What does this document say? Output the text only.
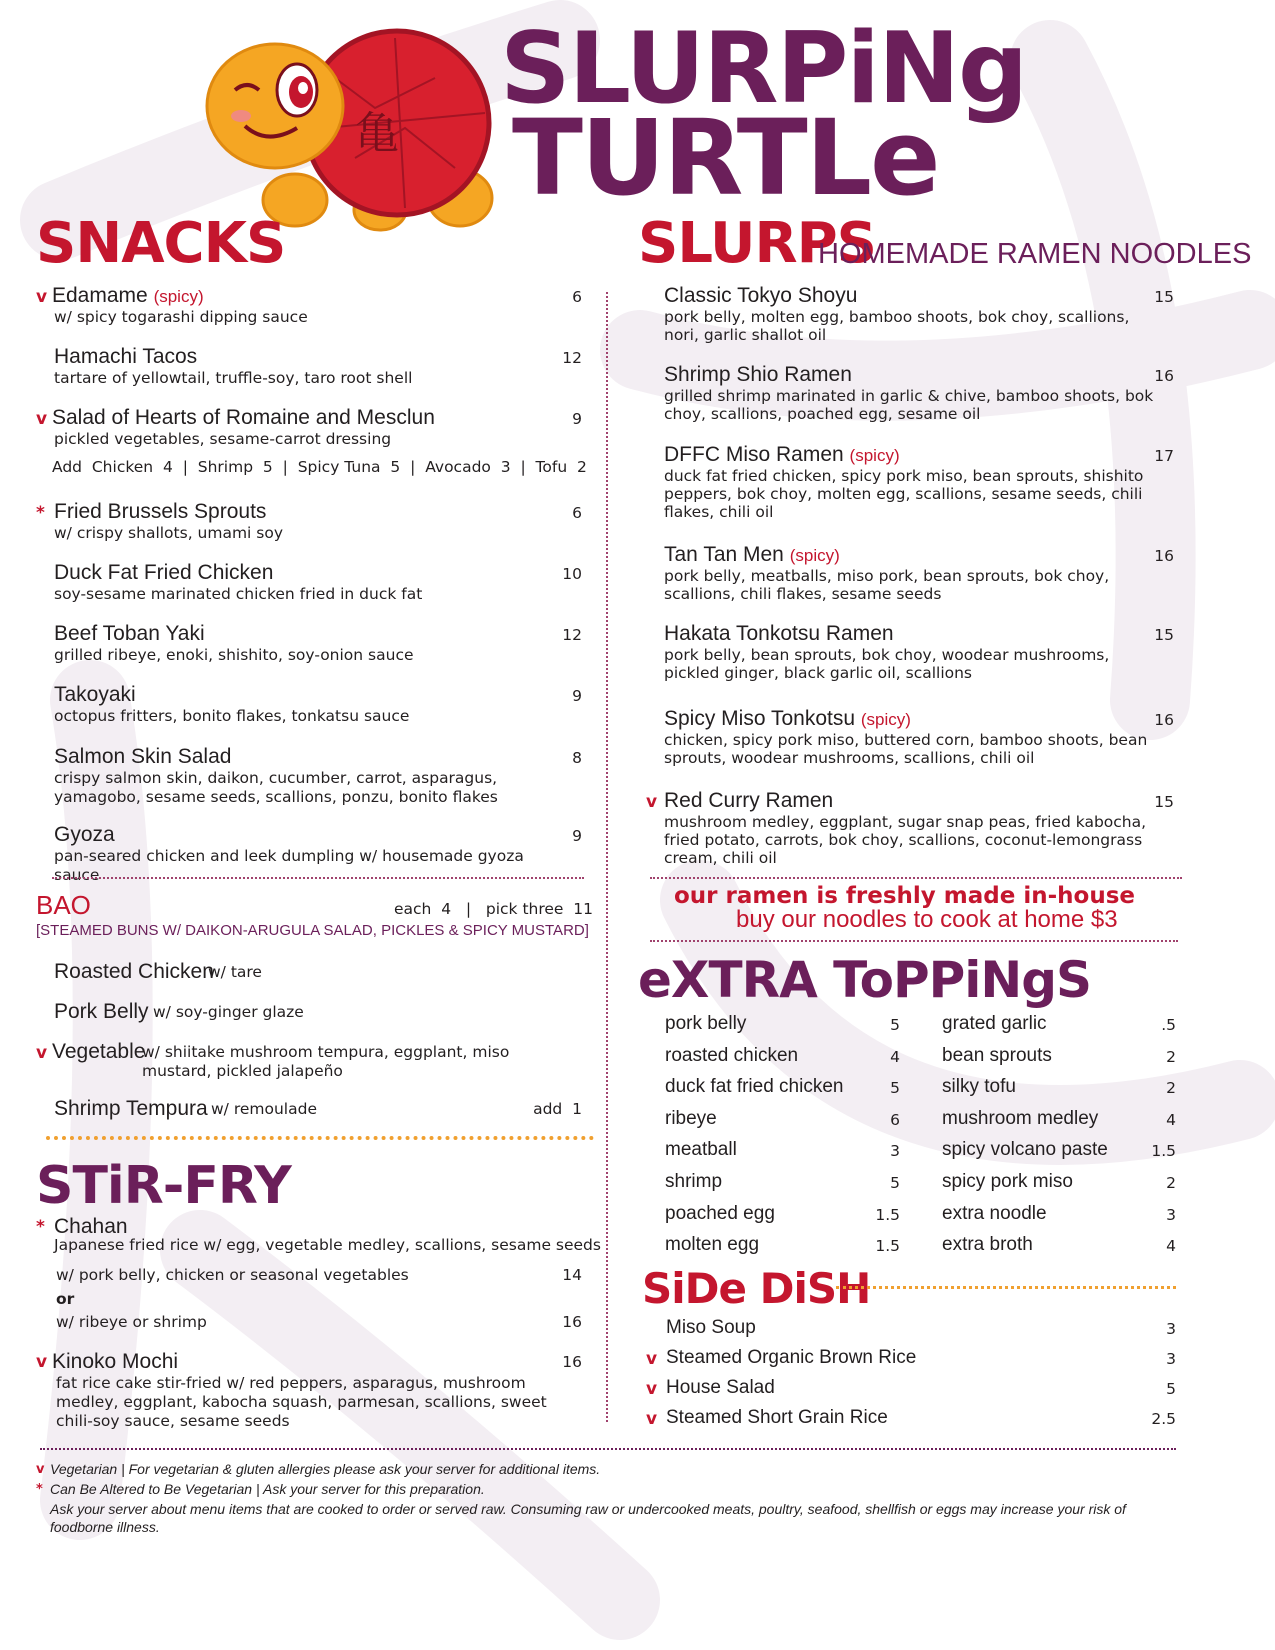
亀
SLURPiNg
TURTLe
SNACKS
v Edamame (spicy)	6
w/ spicy togarashi dipping sauce
Hamachi Tacos	12
tartare of yellowtail, truffle-soy, taro root shell
v Salad of Hearts of Romaine and Mesclun	9
pickled vegetables, sesame-carrot dressing
* Fried Brussels Sprouts	6
w/ crispy shallots, umami soy
Duck Fat Fried Chicken	10
soy-sesame marinated chicken fried in duck fat
Beef Toban Yaki	12
grilled ribeye, enoki, shishito, soy-onion sauce
Takoyaki	9
octopus fritters, bonito flakes, tonkatsu sauce
Salmon Skin Salad	8
crispy salmon skin, daikon, cucumber, carrot, asparagus, yamagobo, sesame seeds, scallions, ponzu, bonito flakes
Gyoza	9
pan-seared chicken and leek dumpling w/ housemade gyoza sauce
Add  Chicken  4  |  Shrimp  5  |  Spicy Tuna  5  |  Avocado  3  |  Tofu  2
BAO	each  4   |   pick three  11
[STEAMED BUNS W/ DAIKON-ARUGULA SALAD, PICKLES & SPICY MUSTARD]
Roasted Chicken
w/ tare
Pork Belly w/ soy-ginger glaze
v Vegetable
w/ shiitake mushroom tempura, eggplant, miso mustard, pickled jalapeño
Shrimp Tempura w/ remoulade	add  1
STiR-FRY
* Chahan
Japanese fried rice w/ egg, vegetable medley, scallions, sesame seeds
w/ pork belly, chicken or seasonal vegetables	14
or
w/ ribeye or shrimp	16
v Kinoko Mochi	16
fat rice cake stir-fried w/ red peppers, asparagus, mushroom medley, eggplant, kabocha squash, parmesan, scallions, sweet chili-soy sauce, sesame seeds
SLURPS
HOMEMADE RAMEN NOODLES
Classic Tokyo Shoyu	15
pork belly, molten egg, bamboo shoots, bok choy, scallions, nori, garlic shallot oil
Shrimp Shio Ramen	16
grilled shrimp marinated in garlic & chive, bamboo shoots, bok choy, scallions, poached egg, sesame oil
DFFC Miso Ramen (spicy)	17
duck fat fried chicken, spicy pork miso, bean sprouts, shishito peppers, bok choy, molten egg, scallions, sesame seeds, chili flakes, chili oil
Tan Tan Men (spicy)	16
pork belly, meatballs, miso pork, bean sprouts, bok choy, scallions, chili flakes, sesame seeds
Hakata Tonkotsu Ramen	15
pork belly, bean sprouts, bok choy, woodear mushrooms, pickled ginger, black garlic oil, scallions
Spicy Miso Tonkotsu (spicy)	16
chicken, spicy pork miso, buttered corn, bamboo shoots, bean sprouts, woodear mushrooms, scallions, chili oil
v Red Curry Ramen	15
mushroom medley, eggplant, sugar snap peas, fried kabocha, fried potato, carrots, bok choy, scallions, coconut-lemongrass cream, chili oil
our ramen is freshly made in-house
buy our noodles to cook at home $3
eXTRA ToPPiNgS
pork belly	5
roasted chicken	4
duck fat fried chicken	5
ribeye	6
meatball	3
shrimp	5
poached egg	1.5
molten egg	1.5
grated garlic	.5
bean sprouts	2
silky tofu	2
mushroom medley	4
spicy volcano paste	1.5
spicy pork miso	2
extra noodle	3
extra broth	4
SiDe DiSH
Miso Soup	3
v Steamed Organic Brown Rice	3
v House Salad	5
v Steamed Short Grain Rice	2.5
v Vegetarian | For vegetarian & gluten allergies please ask your server for additional items.
* Can Be Altered to Be Vegetarian | Ask your server for this preparation.
Ask your server about menu items that are cooked to order or served raw. Consuming raw or undercooked meats, poultry, seafood, shellfish or eggs may increase your risk of foodborne illness.
